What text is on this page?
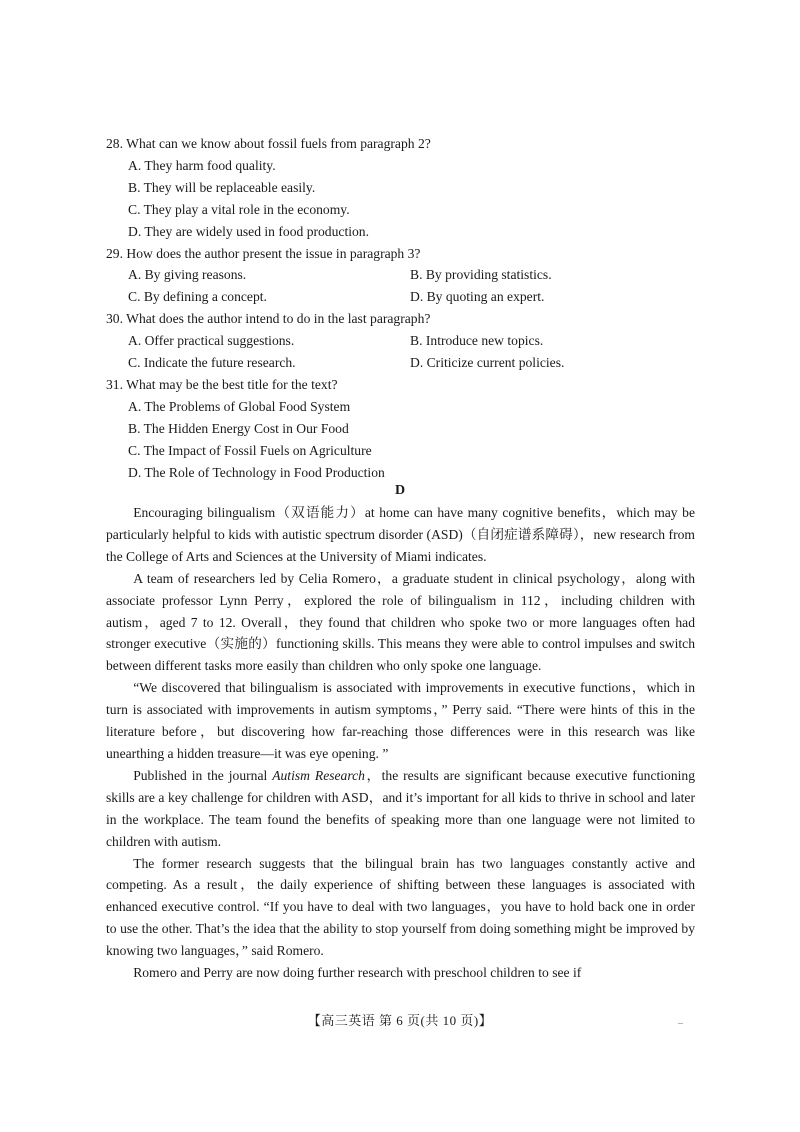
28. What can we know about fossil fuels from paragraph 2?
A. They harm food quality.
B. They will be replaceable easily.
C. They play a vital role in the economy.
D. They are widely used in food production.
29. How does the author present the issue in paragraph 3?
A. By giving reasons.	B. By providing statistics.
C. By defining a concept.	D. By quoting an expert.
30. What does the author intend to do in the last paragraph?
A. Offer practical suggestions.	B. Introduce new topics.
C. Indicate the future research.	D. Criticize current policies.
31. What may be the best title for the text?
A. The Problems of Global Food System
B. The Hidden Energy Cost in Our Food
C. The Impact of Fossil Fuels on Agriculture
D. The Role of Technology in Food Production
D

Encouraging bilingualism（双语能力）at home can have many cognitive benefits，which may be particularly helpful to kids with autistic spectrum disorder (ASD)（自闭症谱系障碍），new research from the College of Arts and Sciences at the University of Miami indicates.

A team of researchers led by Celia Romero，a graduate student in clinical psychology，along with associate professor Lynn Perry，explored the role of bilingualism in 112，including children with autism，aged 7 to 12. Overall，they found that children who spoke two or more languages often had stronger executive（实施的）functioning skills. This means they were able to control impulses and switch between different tasks more easily than children who only spoke one language.

“We discovered that bilingualism is associated with improvements in executive functions，which in turn is associated with improvements in autism symptoms，” Perry said. “There were hints of this in the literature before，but discovering how far-reaching those differences were in this research was like unearthing a hidden treasure—it was eye opening. ”

Published in the journal Autism Research，the results are significant because executive functioning skills are a key challenge for children with ASD，and it’s important for all kids to thrive in school and later in the workplace. The team found the benefits of speaking more than one language were not limited to children with autism.

The former research suggests that the bilingual brain has two languages constantly active and competing. As a result，the daily experience of shifting between these languages is associated with enhanced executive control. “If you have to deal with two languages，you have to hold back one in order to use the other. That’s the idea that the ability to stop yourself from doing something might be improved by knowing two languages，” said Romero.

Romero and Perry are now doing further research with preschool children to see if

【高三英语 第 6 页(共 10 页)】	–
